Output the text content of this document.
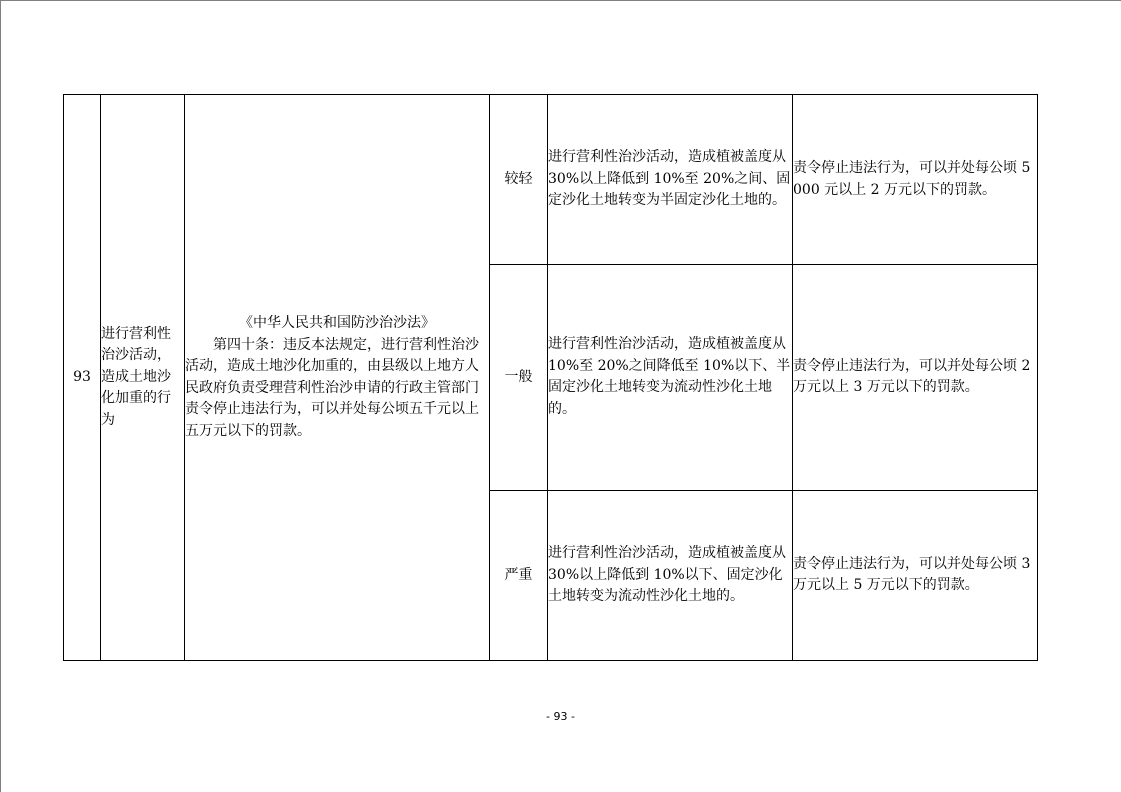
93	进行营利性治沙活动，造成土地沙化加重的行为	《中华人民共和国防沙治沙法》
第四十条：违反本法规定，进行营利性治沙活动，造成土地沙化加重的，由县级以上地方人民政府负责受理营利性治沙申请的行政主管部门责令停止违法行为，可以并处每公顷五千元以上五万元以下的罚款。	较轻	进行营利性治沙活动，造成植被盖度从 30%以上降低到 10%至 20%之间、固定沙化土地转变为半固定沙化土地的。	责令停止违法行为，可以并处每公顷 5000 元以上 2 万元以下的罚款。
			一般	进行营利性治沙活动，造成植被盖度从 10%至 20%之间降低至 10%以下、半固定沙化土地转变为流动性沙化土地的。	责令停止违法行为，可以并处每公顷 2 万元以上 3 万元以下的罚款。
			严重	进行营利性治沙活动，造成植被盖度从 30%以上降低到 10%以下、固定沙化土地转变为流动性沙化土地的。	责令停止违法行为，可以并处每公顷 3 万元以上 5 万元以下的罚款。
- 93 -
